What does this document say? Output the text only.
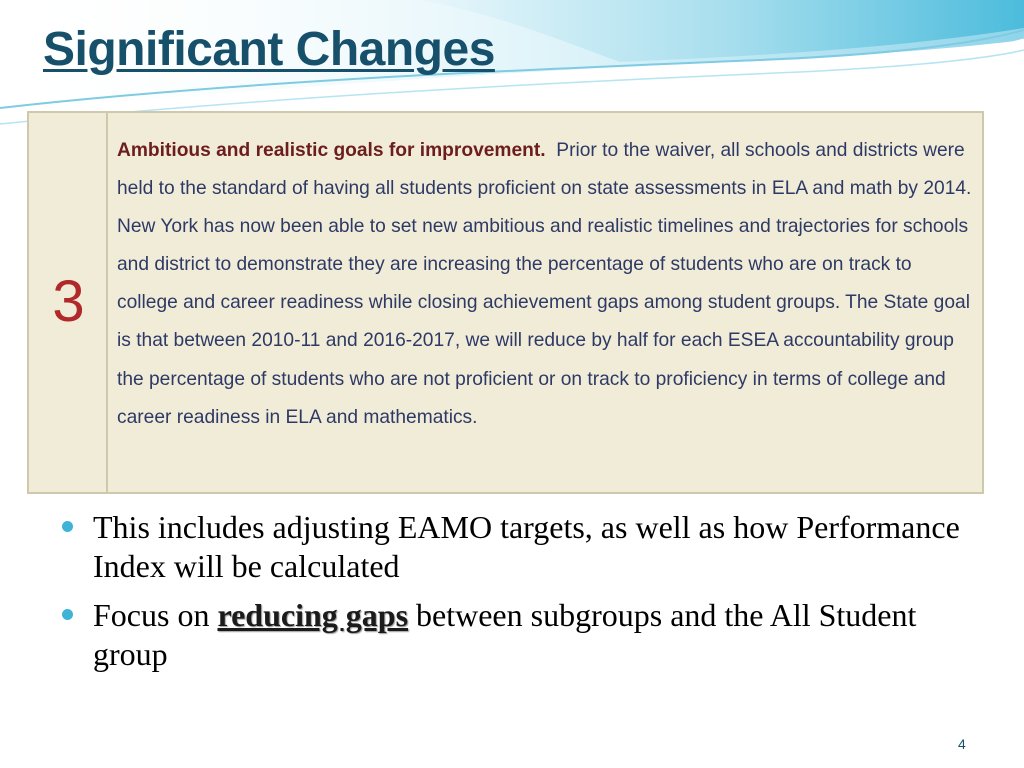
Significant Changes
3
Ambitious and realistic goals for improvement. Prior to the waiver, all schools and districts were held to the standard of having all students proficient on state assessments in ELA and math by 2014. New York has now been able to set new ambitious and realistic timelines and trajectories for schools and district to demonstrate they are increasing the percentage of students who are on track to college and career readiness while closing achievement gaps among student groups. The State goal is that between 2010-11 and 2016-2017, we will reduce by half for each ESEA accountability group the percentage of students who are not proficient or on track to proficiency in terms of college and career readiness in ELA and mathematics.
This includes adjusting EAMO targets, as well as how Performance Index will be calculated
Focus on reducing gaps between subgroups and the All Student group
4
